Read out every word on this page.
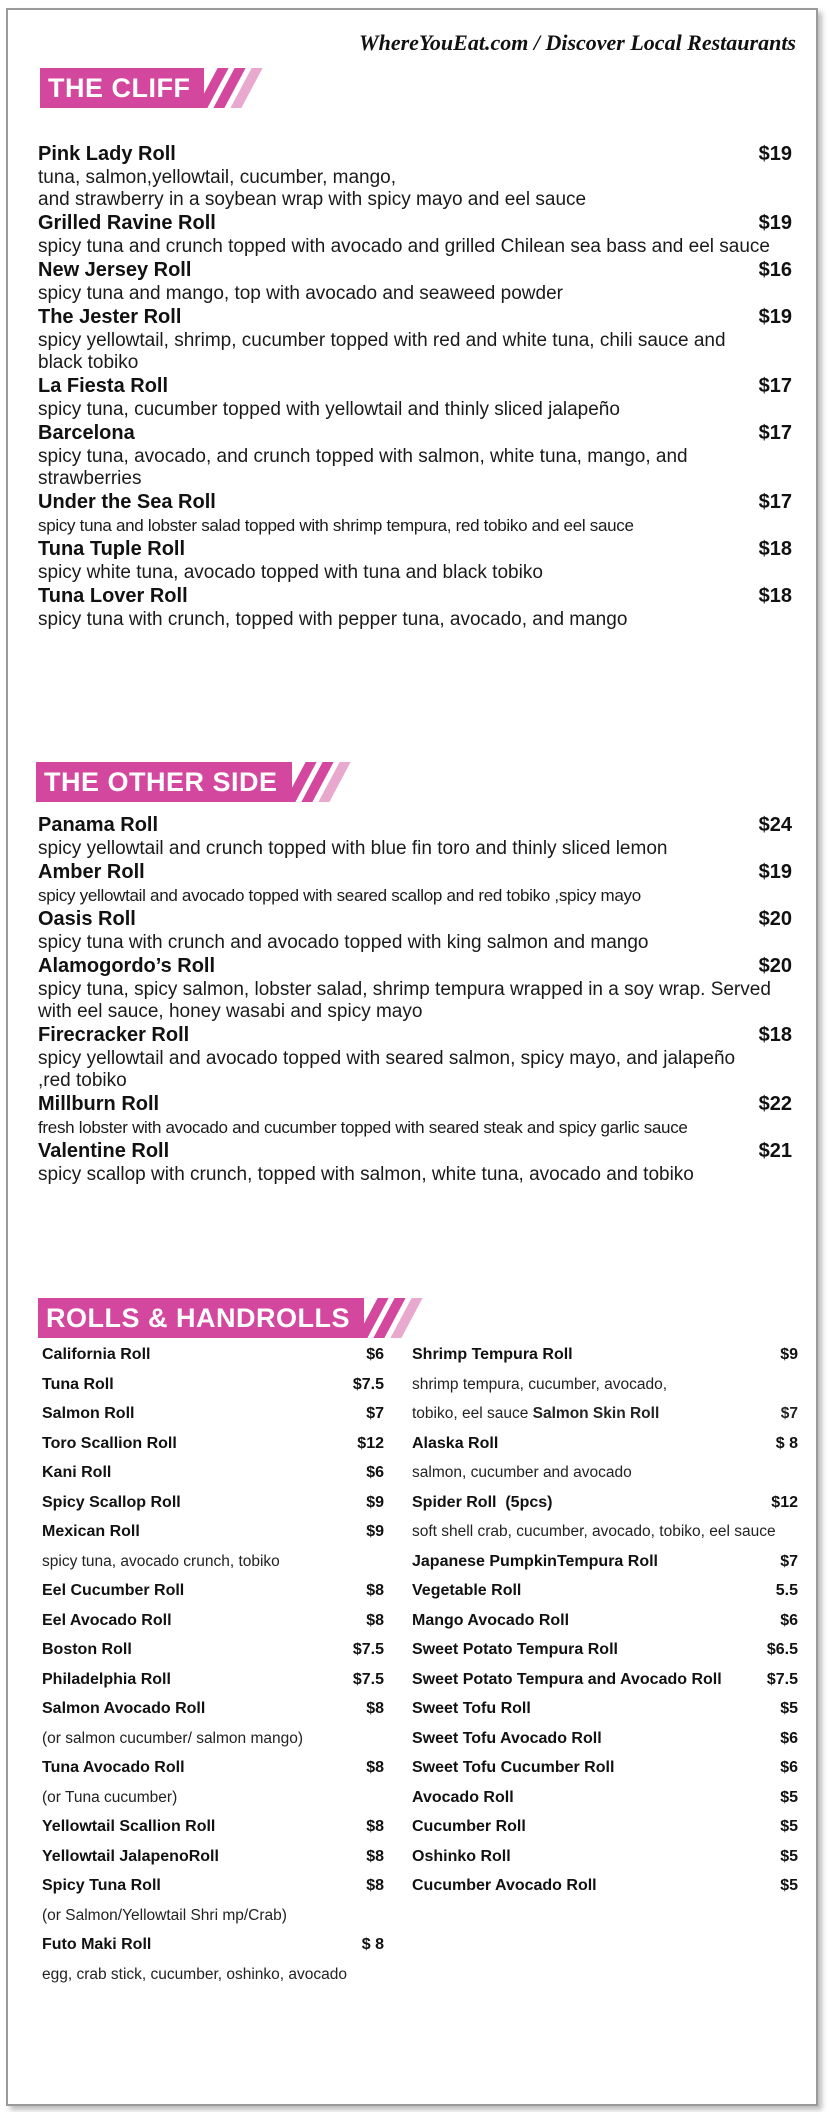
WhereYouEat.com / Discover Local Restaurants
THE CLIFF
Pink Lady Roll	$19
tuna, salmon,yellowtail, cucumber, mango,
and strawberry in a soybean wrap with spicy mayo and eel sauce
Grilled Ravine Roll	$19
spicy tuna and crunch topped with avocado and grilled Chilean sea bass and eel sauce
New Jersey Roll	$16
spicy tuna and mango, top with avocado and seaweed powder
The Jester Roll	$19
spicy yellowtail, shrimp, cucumber topped with red and white tuna, chili sauce and black tobiko
La Fiesta Roll	$17
spicy tuna, cucumber topped with yellowtail and thinly sliced jalapeño
Barcelona	$17
spicy tuna, avocado, and crunch topped with salmon, white tuna, mango, and strawberries
Under the Sea Roll	$17
spicy tuna and lobster salad topped with shrimp tempura, red tobiko and eel sauce
Tuna Tuple Roll	$18
spicy white tuna, avocado topped with tuna and black tobiko
Tuna Lover Roll	$18
spicy tuna with crunch, topped with pepper tuna, avocado, and mango
THE OTHER SIDE
Panama Roll	$24
spicy yellowtail and crunch topped with blue fin toro and thinly sliced lemon
Amber Roll	$19
spicy yellowtail and avocado topped with seared scallop and red tobiko ,spicy mayo
Oasis Roll	$20
spicy tuna with crunch and avocado topped with king salmon and mango
Alamogordo’s Roll	$20
spicy tuna, spicy salmon, lobster salad, shrimp tempura wrapped in a soy wrap. Served with eel sauce, honey wasabi and spicy mayo
Firecracker Roll	$18
spicy yellowtail and avocado topped with seared salmon, spicy mayo, and jalapeño ,red tobiko
Millburn Roll	$22
fresh lobster with avocado and cucumber topped with seared steak and spicy garlic sauce
Valentine Roll	$21
spicy scallop with crunch, topped with salmon, white tuna, avocado and tobiko
ROLLS & HANDROLLS
California Roll	$6
Tuna Roll	$7.5
Salmon Roll	$7
Toro Scallion Roll	$12
Kani Roll	$6
Spicy Scallop Roll	$9
Mexican Roll	$9
spicy tuna, avocado crunch, tobiko
Eel Cucumber Roll	$8
Eel Avocado Roll	$8
Boston Roll	$7.5
Philadelphia Roll	$7.5
Salmon Avocado Roll	$8
(or salmon cucumber/ salmon mango)
Tuna Avocado Roll	$8
(or Tuna cucumber)
Yellowtail Scallion Roll	$8
Yellowtail JalapenoRoll	$8
Spicy Tuna Roll	$8
(or Salmon/Yellowtail Shri mp/Crab)
Futo Maki Roll	$ 8
egg, crab stick, cucumber, oshinko, avocado
Shrimp Tempura Roll	$9
shrimp tempura, cucumber, avocado,
tobiko, eel sauce Salmon Skin Roll	$7
Alaska Roll	$ 8
salmon, cucumber and avocado
Spider Roll  (5pcs)	$12
soft shell crab, cucumber, avocado, tobiko, eel sauce
Japanese PumpkinTempura Roll	$7
Vegetable Roll	5.5
Mango Avocado Roll	$6
Sweet Potato Tempura Roll	$6.5
Sweet Potato Tempura and Avocado Roll	$7.5
Sweet Tofu Roll	$5
Sweet Tofu Avocado Roll	$6
Sweet Tofu Cucumber Roll	$6
Avocado Roll	$5
Cucumber Roll	$5
Oshinko Roll	$5
Cucumber Avocado Roll	$5
